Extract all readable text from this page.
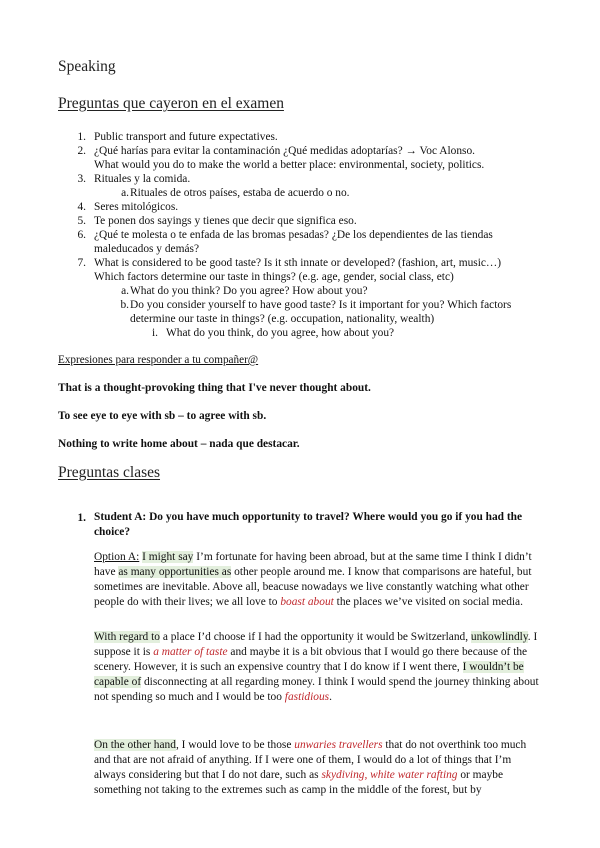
Speaking
Preguntas que cayeron en el examen
1. Public transport and future expectatives.
2. ¿Qué harías para evitar la contaminación ¿Qué medidas adoptarías? → Voc Alonso.
What would you do to make the world a better place: environmental, society, politics.
3. Rituales y la comida.
a. Rituales de otros países, estaba de acuerdo o no.
4. Seres mitológicos.
5. Te ponen dos sayings y tienes que decir que significa eso.
6. ¿Qué te molesta o te enfada de las bromas pesadas? ¿De los dependientes de las tiendas
maleducados y demás?
7. What is considered to be good taste? Is it sth innate or developed? (fashion, art, music…)
Which factors determine our taste in things? (e.g. age, gender, social class, etc)
a. What do you think? Do you agree? How about you?
b. Do you consider yourself to have good taste? Is it important for you? Which factors
determine our taste in things? (e.g. occupation, nationality, wealth)
i. What do you think, do you agree, how about you?
Expresiones para responder a tu compañer@
That is a thought-provoking thing that I've never thought about.
To see eye to eye with sb – to agree with sb.
Nothing to write home about – nada que destacar.
Preguntas clases
1. Student A: Do you have much opportunity to travel? Where would you go if you had the choice?
Option A: I might say I’m fortunate for having been abroad, but at the same time I think I didn’t have as many opportunities as other people around me. I know that comparisons are hateful, but sometimes are inevitable. Above all, beacuse nowadays we live constantly watching what other people do with their lives; we all love to boast about the places we’ve visited on social media.
With regard to a place I’d choose if I had the opportunity it would be Switzerland, unkowlindly. I suppose it is a matter of taste and maybe it is a bit obvious that I would go there because of the scenery. However, it is such an expensive country that I do know if I went there, I wouldn’t be capable of disconnecting at all regarding money. I think I would spend the journey thinking about not spending so much and I would be too fastidious.
On the other hand, I would love to be those unwaries travellers that do not overthink too much and that are not afraid of anything. If I were one of them, I would do a lot of things that I’m always considering but that I do not dare, such as skydiving, white water rafting or maybe something not taking to the extremes such as camp in the middle of the forest, but by
